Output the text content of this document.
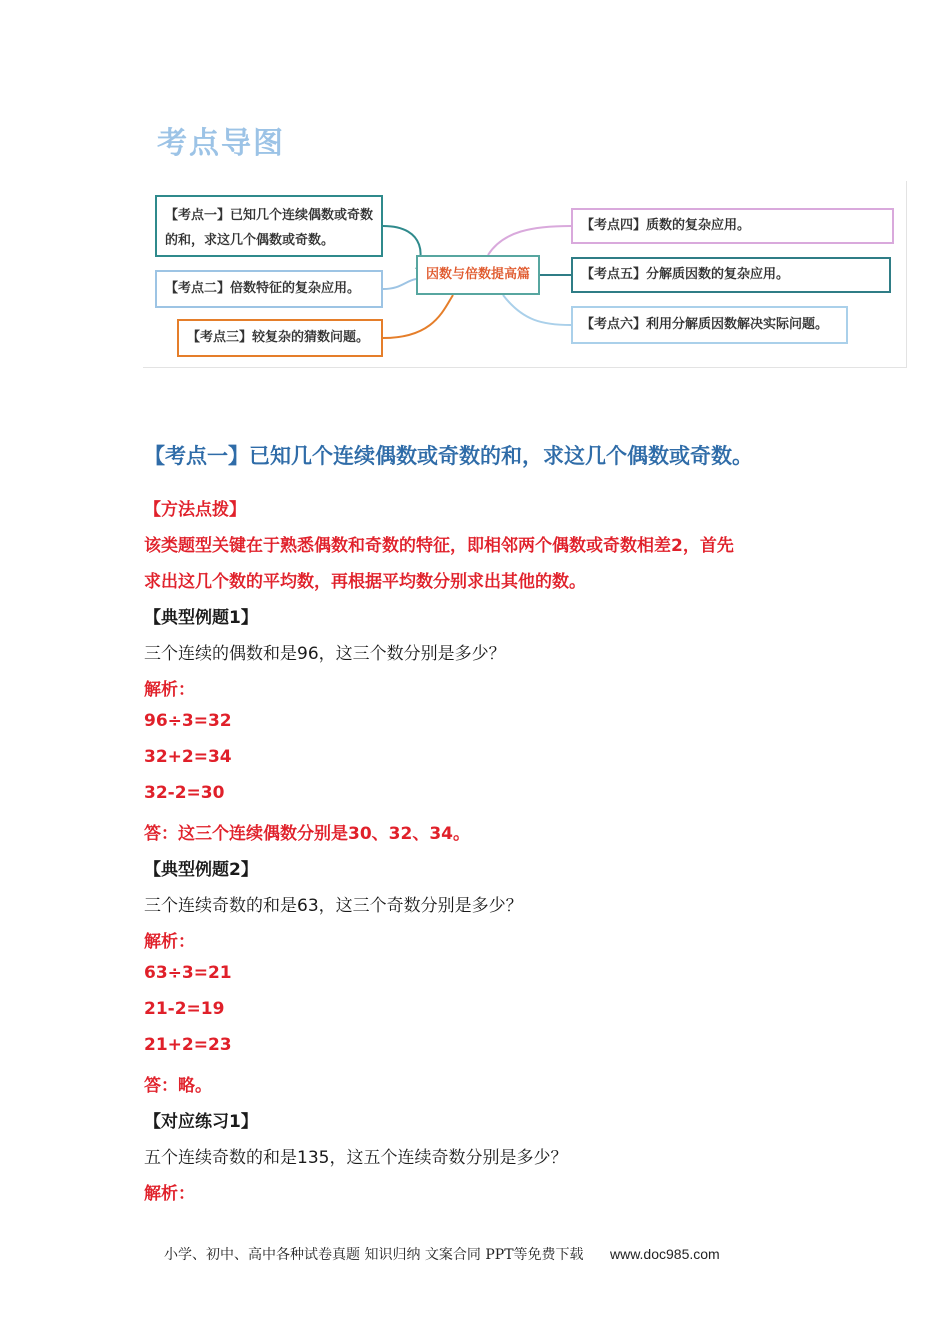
考点导图
【考点一】已知几个连续偶数或奇数的和，求这几个偶数或奇数。
【考点二】倍数特征的复杂应用。
【考点三】较复杂的猜数问题。
因数与倍数提高篇
【考点四】质数的复杂应用。
【考点五】分解质因数的复杂应用。
【考点六】利用分解质因数解决实际问题。
【考点一】已知几个连续偶数或奇数的和，求这几个偶数或奇数。
【方法点拨】
该类题型关键在于熟悉偶数和奇数的特征，即相邻两个偶数或奇数相差2，首先
求出这几个数的平均数，再根据平均数分别求出其他的数。
【典型例题1】
三个连续的偶数和是96，这三个数分别是多少？
解析：
96÷3=32
32+2=34
32-2=30
答：这三个连续偶数分别是30、32、34。
【典型例题2】
三个连续奇数的和是63，这三个奇数分别是多少？
解析：
63÷3=21
21-2=19
21+2=23
答：略。
【对应练习1】
五个连续奇数的和是135，这五个连续奇数分别是多少？
解析：
小学、初中、高中各种试卷真题 知识归纳 文案合同 PPT等免费下载 www.doc985.com
